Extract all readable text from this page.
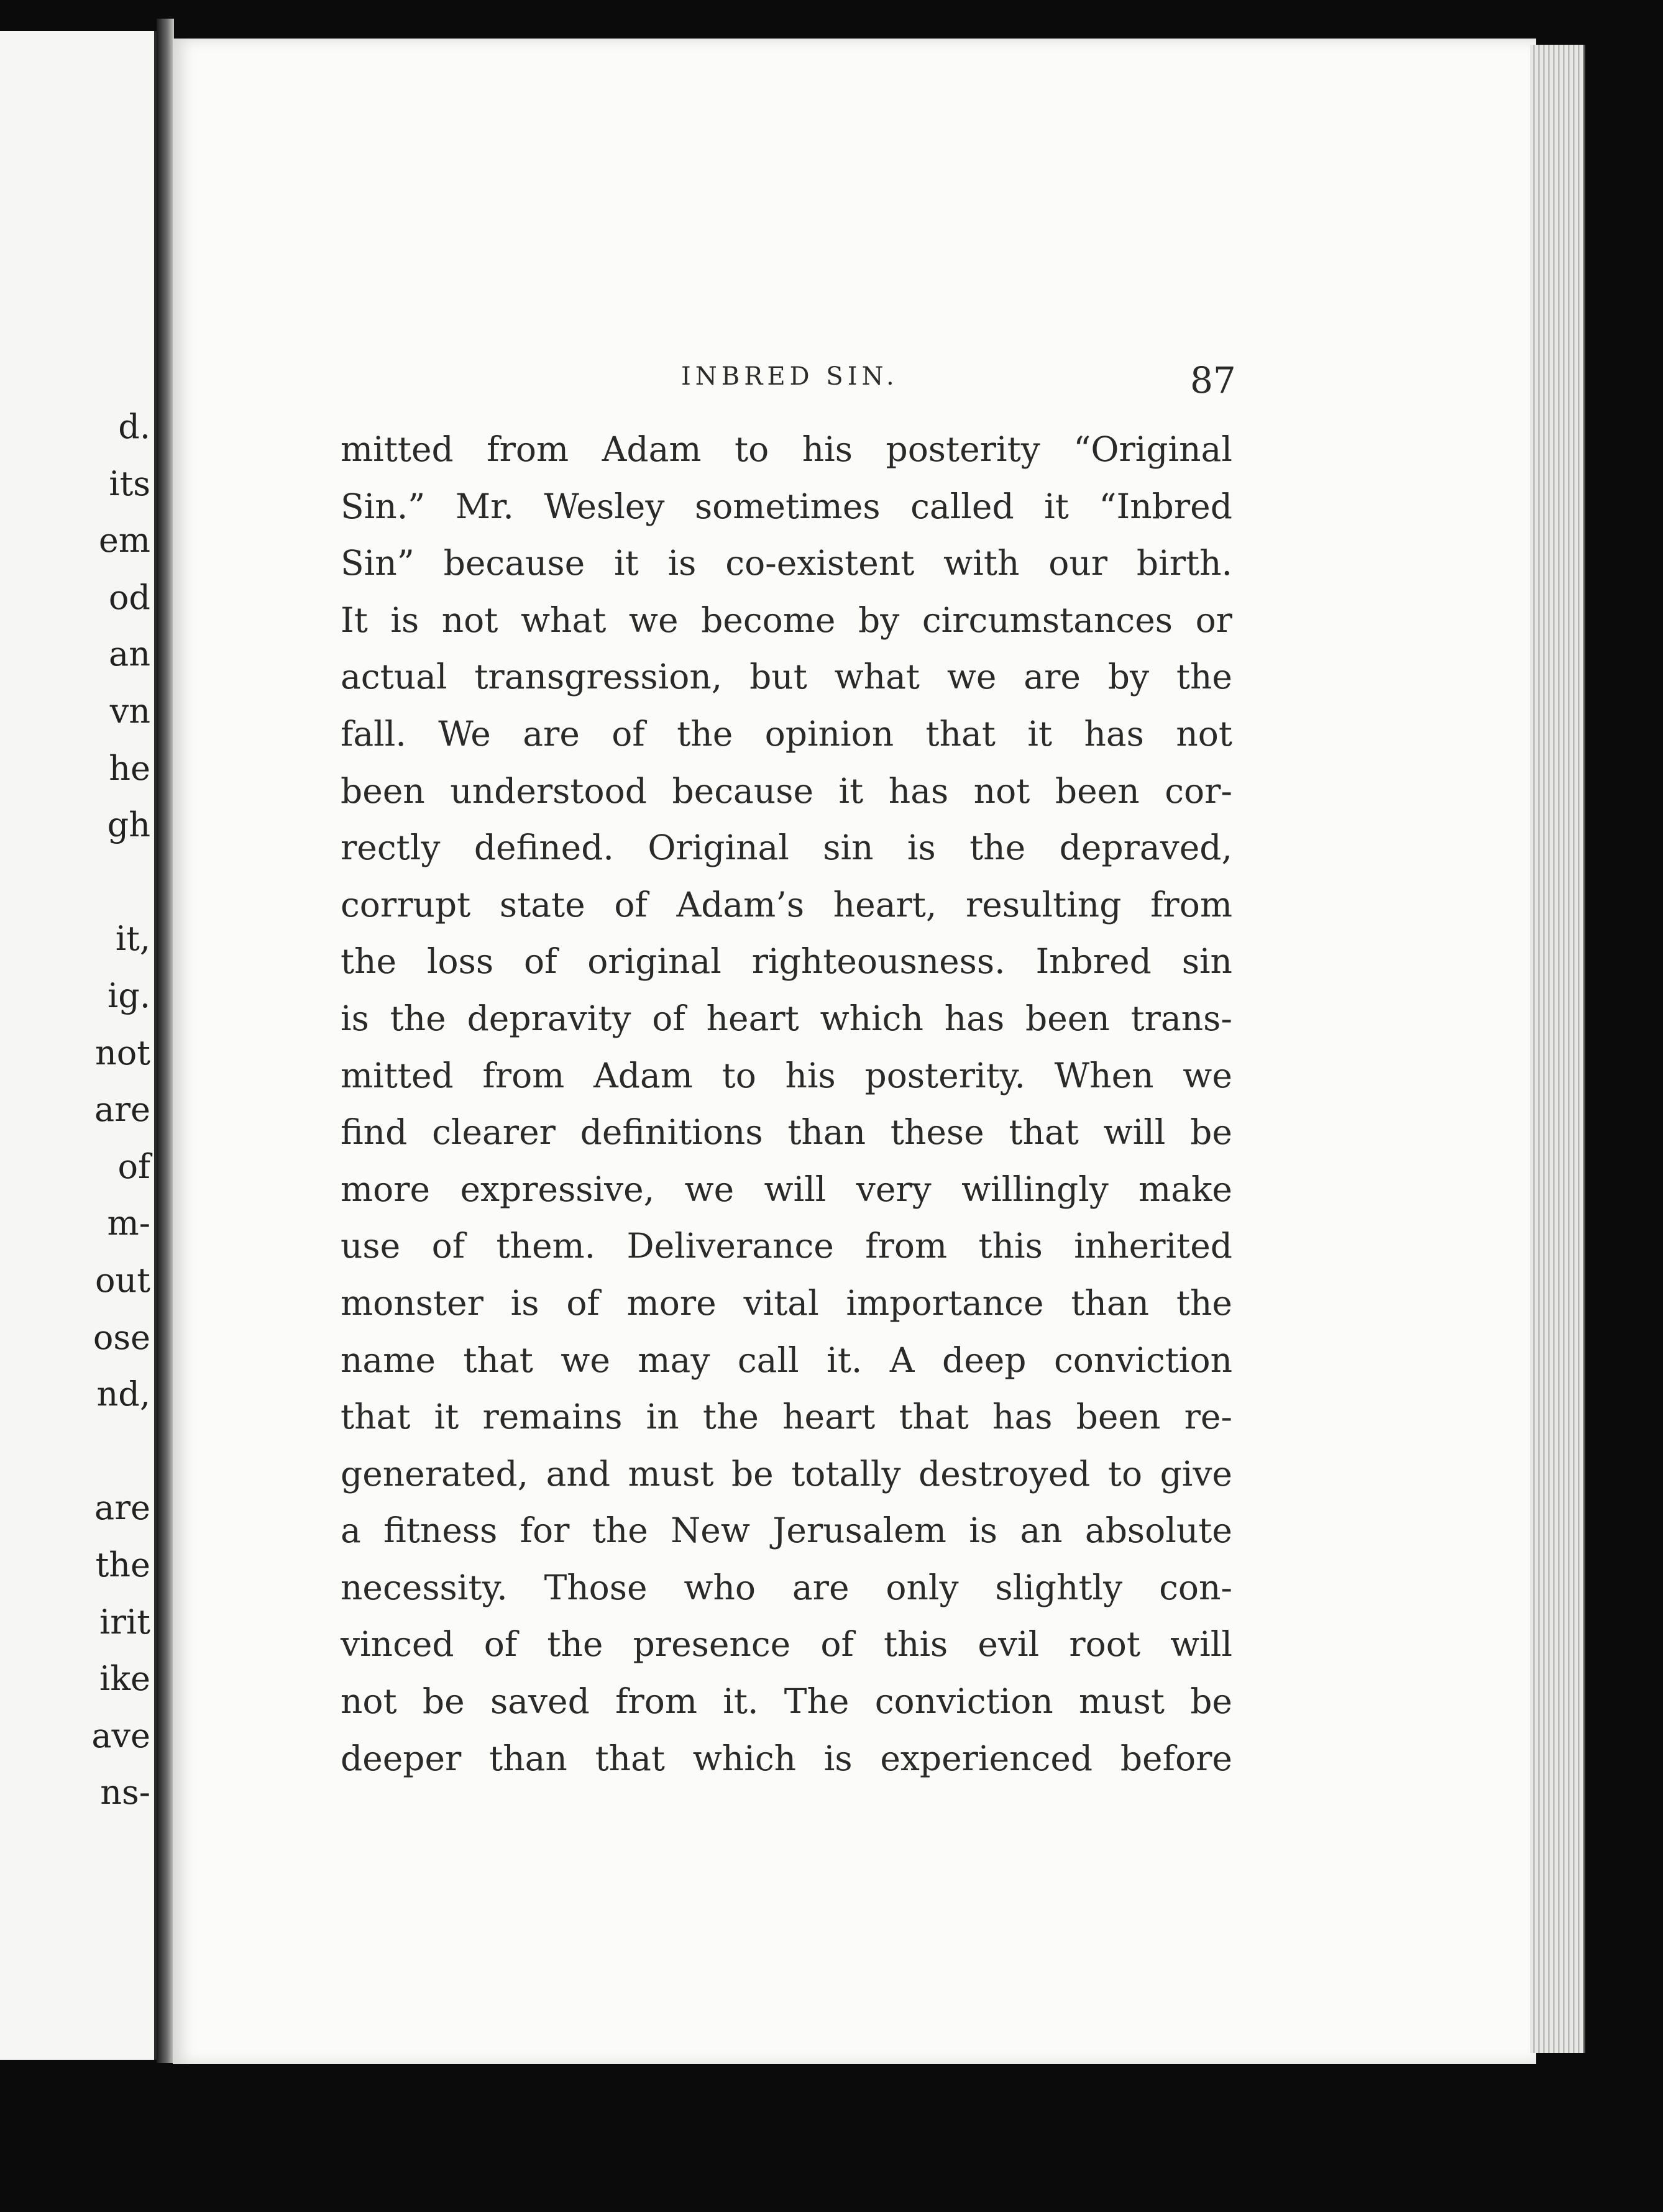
d.
its
em
od
an
vn
he
gh
it,
ig.
not
are
of
m-
out
ose
nd,
are
the
irit
ike
ave
ns-
INBRED SIN.	87
mitted from Adam to his posterity “Original
Sin.” Mr. Wesley sometimes called it “Inbred
Sin” because it is co-existent with our birth.
It is not what we become by circumstances or
actual transgression, but what we are by the
fall. We are of the opinion that it has not
been understood because it has not been cor-
rectly defined. Original sin is the depraved,
corrupt state of Adam’s heart, resulting from
the loss of original righteousness. Inbred sin
is the depravity of heart which has been trans-
mitted from Adam to his posterity. When we
find clearer definitions than these that will be
more expressive, we will very willingly make
use of them. Deliverance from this inherited
monster is of more vital importance than the
name that we may call it. A deep conviction
that it remains in the heart that has been re-
generated, and must be totally destroyed to give
a fitness for the New Jerusalem is an absolute
necessity. Those who are only slightly con-
vinced of the presence of this evil root will
not be saved from it. The conviction must be
deeper than that which is experienced before
